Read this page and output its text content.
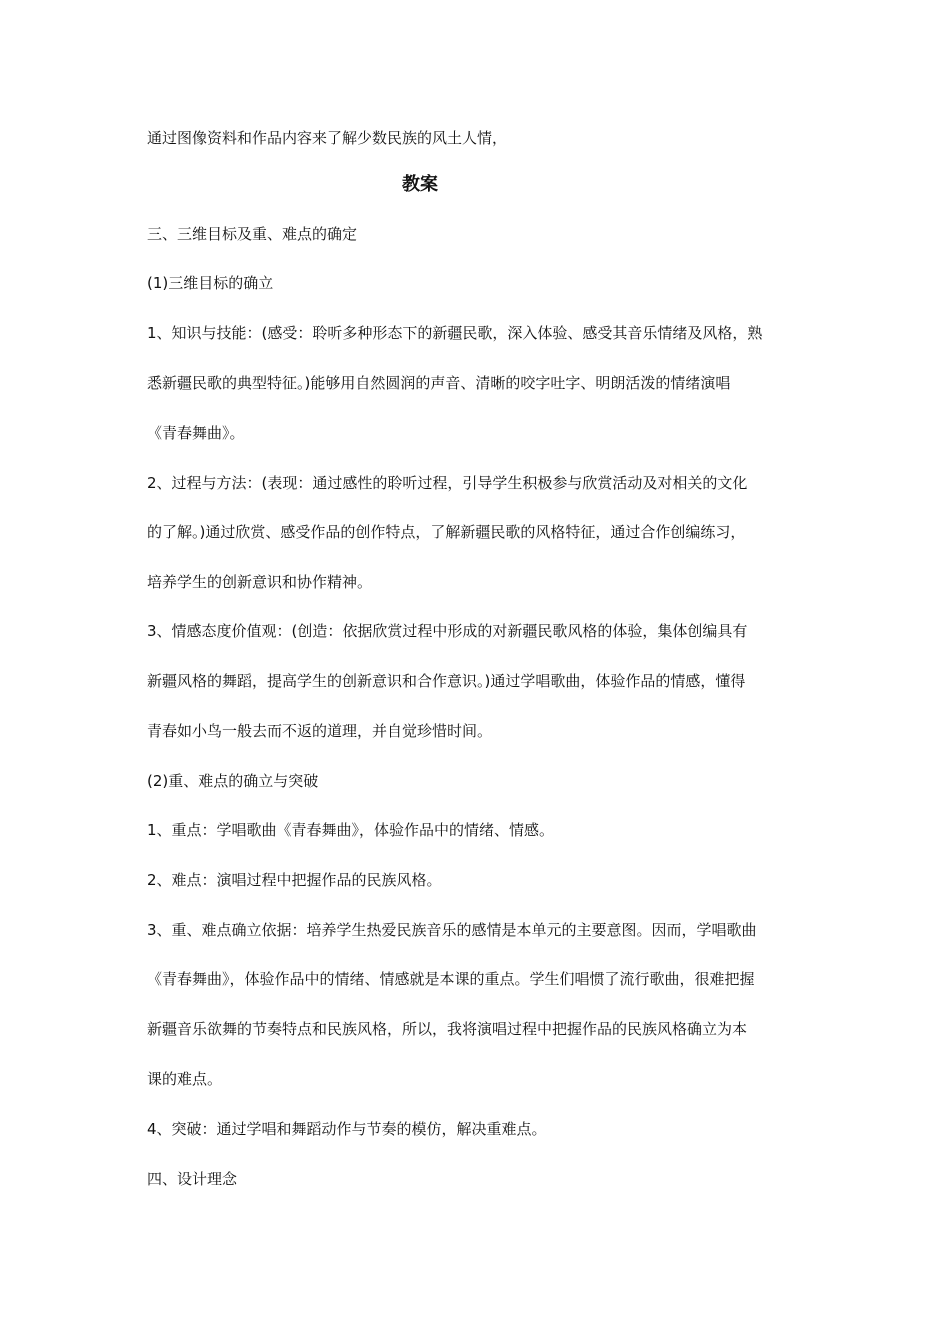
通过图像资料和作品内容来了解少数民族的风土人情，
教案
三、三维目标及重、难点的确定
(1)三维目标的确立
1、知识与技能：(感受：聆听多种形态下的新疆民歌，深入体验、感受其音乐情绪及风格，熟
悉新疆民歌的典型特征。)能够用自然圆润的声音、清晰的咬字吐字、明朗活泼的情绪演唱
《青春舞曲》。
2、过程与方法：(表现：通过感性的聆听过程，引导学生积极参与欣赏活动及对相关的文化
的了解。)通过欣赏、感受作品的创作特点，了解新疆民歌的风格特征，通过合作创编练习，
培养学生的创新意识和协作精神。
3、情感态度价值观：(创造：依据欣赏过程中形成的对新疆民歌风格的体验，集体创编具有
新疆风格的舞蹈，提高学生的创新意识和合作意识。)通过学唱歌曲，体验作品的情感，懂得
青春如小鸟一般去而不返的道理，并自觉珍惜时间。
(2)重、难点的确立与突破
1、重点：学唱歌曲《青春舞曲》，体验作品中的情绪、情感。
2、难点：演唱过程中把握作品的民族风格。
3、重、难点确立依据：培养学生热爱民族音乐的感情是本单元的主要意图。因而，学唱歌曲
《青春舞曲》，体验作品中的情绪、情感就是本课的重点。学生们唱惯了流行歌曲，很难把握
新疆音乐欲舞的节奏特点和民族风格，所以，我将演唱过程中把握作品的民族风格确立为本
课的难点。
4、突破：通过学唱和舞蹈动作与节奏的模仿，解决重难点。
四、设计理念
